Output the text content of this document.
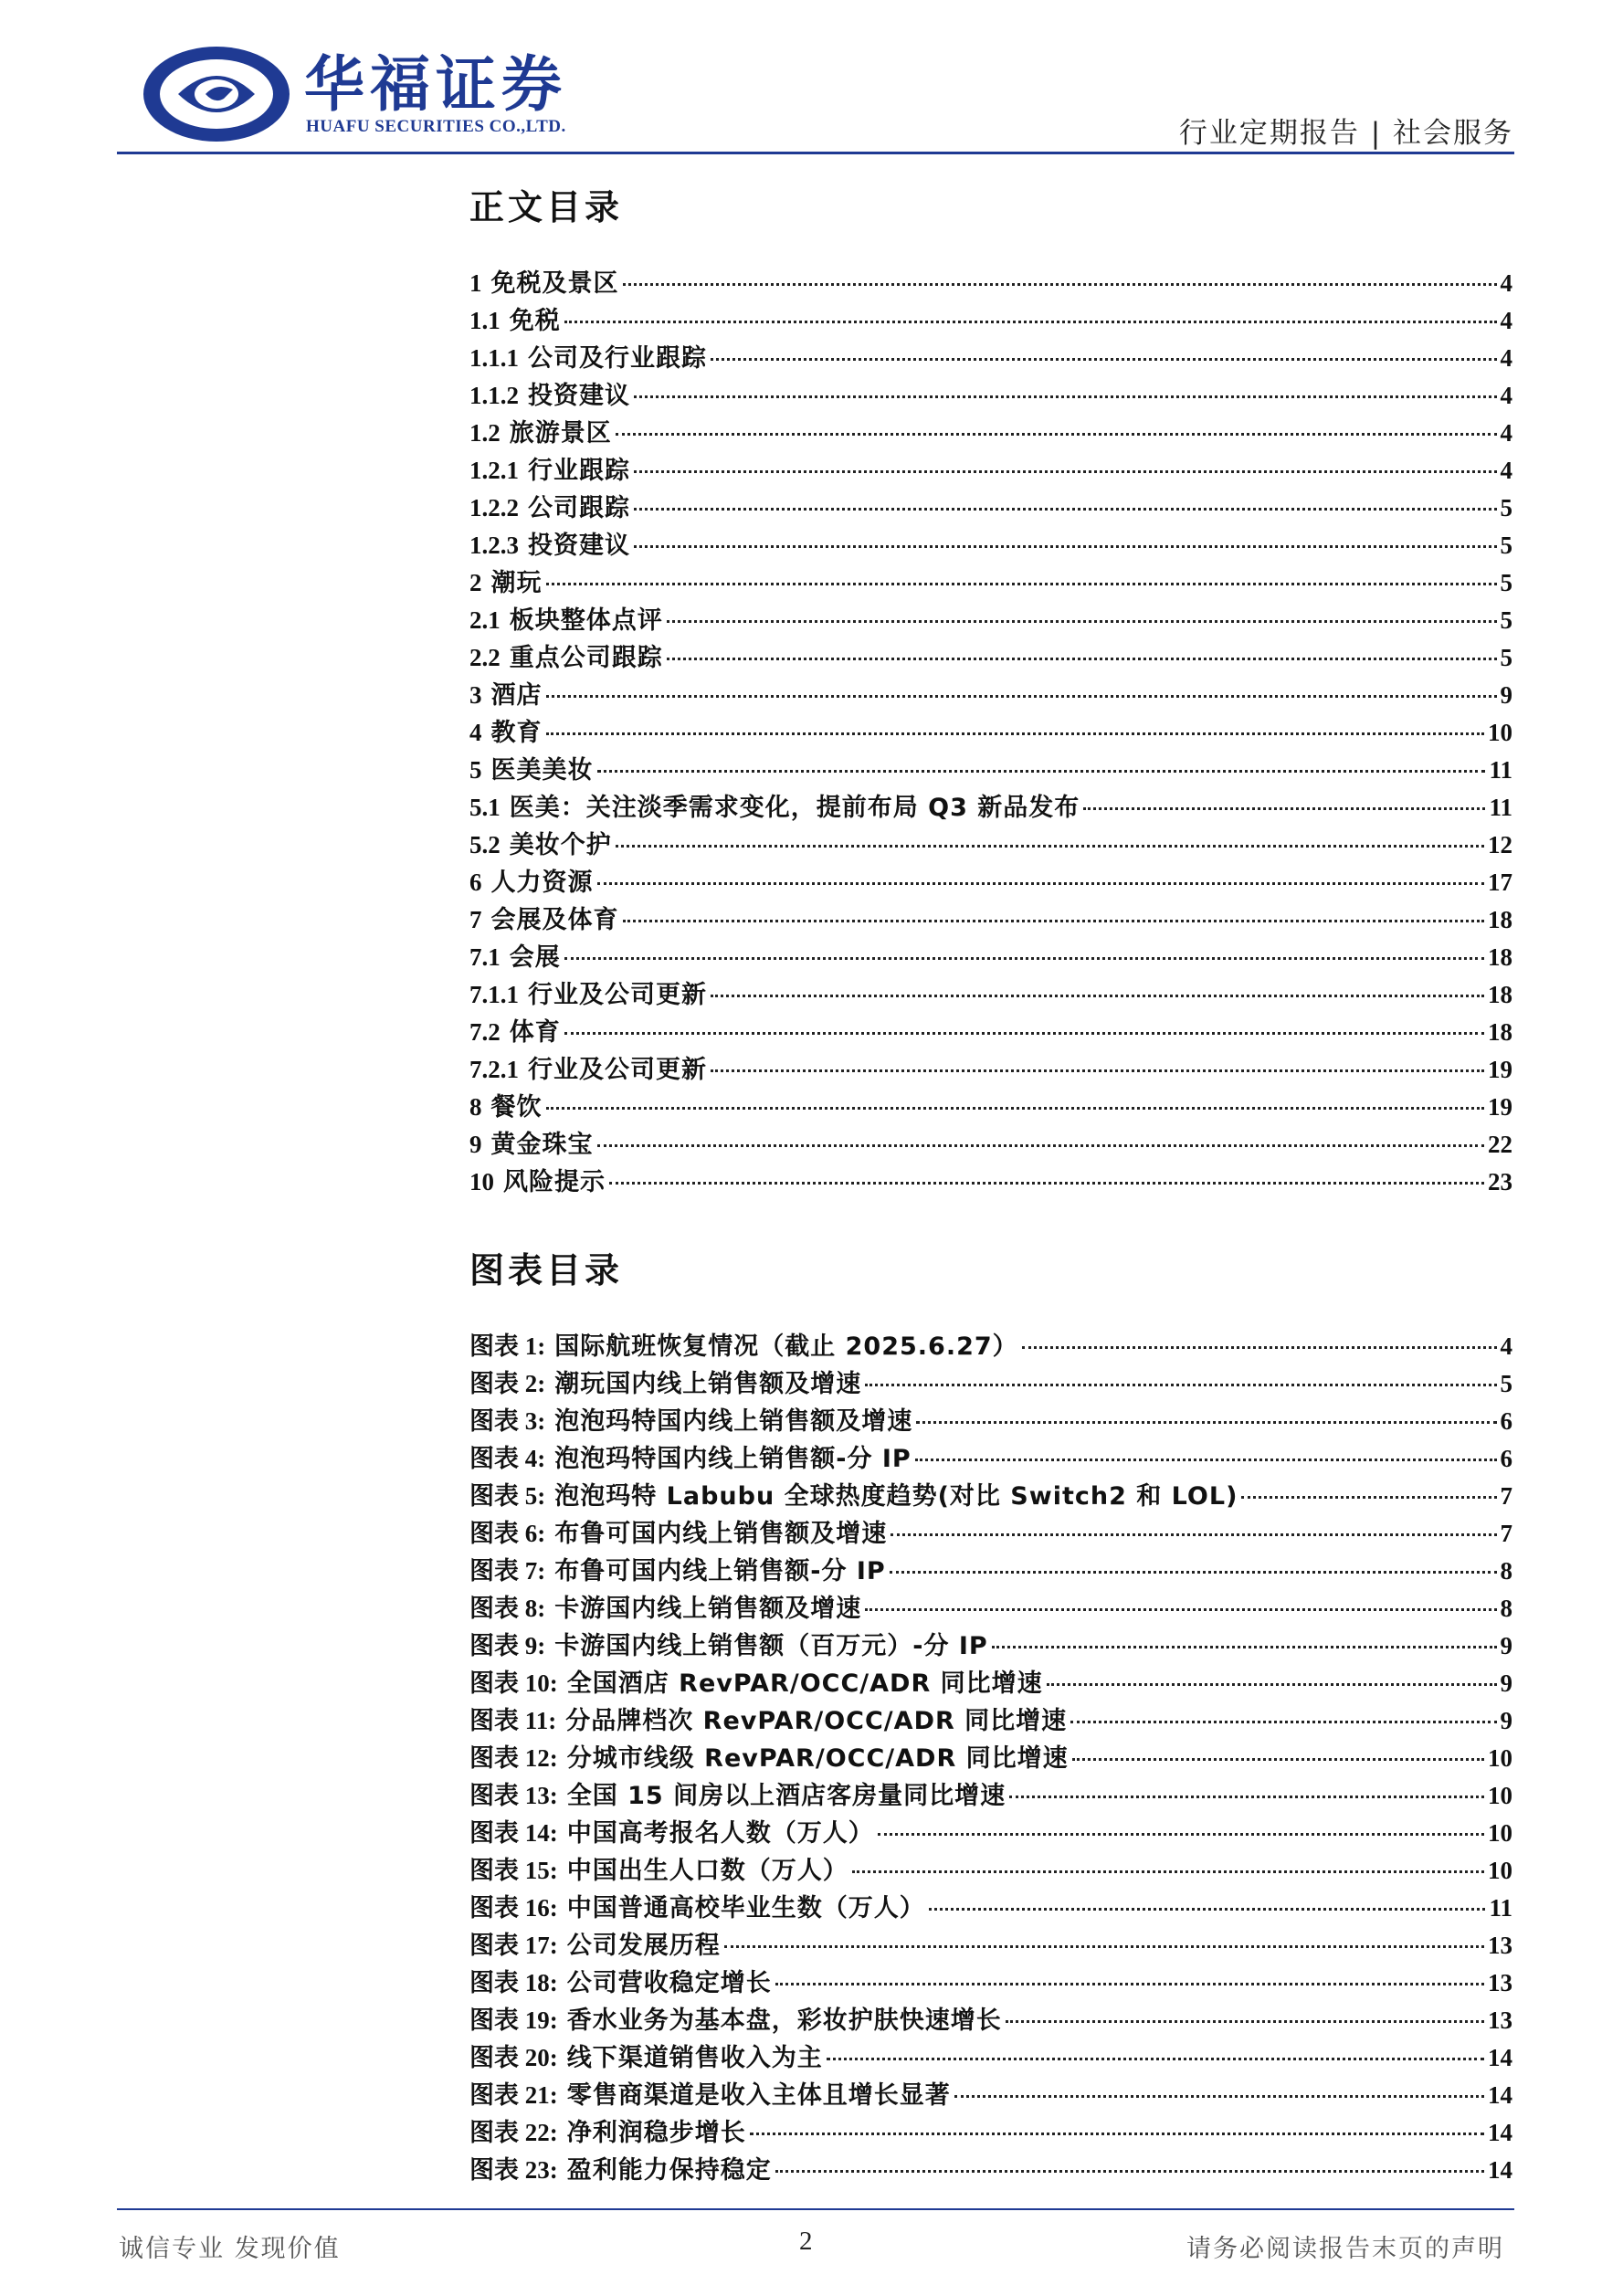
华福证券
HUAFU SECURITIES CO.,LTD.	行业定期报告 | 社会服务
正文目录
1 免税及景区	4
1.1 免税	4
1.1.1 公司及行业跟踪	4
1.1.2 投资建议	4
1.2 旅游景区	4
1.2.1 行业跟踪	4
1.2.2 公司跟踪	5
1.2.3 投资建议	5
2 潮玩	5
2.1 板块整体点评	5
2.2 重点公司跟踪	5
3 酒店	9
4 教育	10
5 医美美妆	11
5.1 医美：关注淡季需求变化，提前布局 Q3 新品发布	11
5.2 美妆个护	12
6 人力资源	17
7 会展及体育	18
7.1 会展	18
7.1.1 行业及公司更新	18
7.2 体育	18
7.2.1 行业及公司更新	19
8 餐饮	19
9 黄金珠宝	22
10 风险提示	23
图表目录
图表 1: 国际航班恢复情况（截止 2025.6.27）	4
图表 2: 潮玩国内线上销售额及增速	5
图表 3: 泡泡玛特国内线上销售额及增速	6
图表 4: 泡泡玛特国内线上销售额-分 IP	6
图表 5: 泡泡玛特 Labubu 全球热度趋势(对比 Switch2 和 LOL)	7
图表 6: 布鲁可国内线上销售额及增速	7
图表 7: 布鲁可国内线上销售额-分 IP	8
图表 8: 卡游国内线上销售额及增速	8
图表 9: 卡游国内线上销售额（百万元）-分 IP	9
图表 10: 全国酒店 RevPAR/OCC/ADR 同比增速	9
图表 11: 分品牌档次 RevPAR/OCC/ADR 同比增速	9
图表 12: 分城市线级 RevPAR/OCC/ADR 同比增速	10
图表 13: 全国 15 间房以上酒店客房量同比增速	10
图表 14: 中国高考报名人数（万人）	10
图表 15: 中国出生人口数（万人）	10
图表 16: 中国普通高校毕业生数（万人）	11
图表 17: 公司发展历程	13
图表 18: 公司营收稳定增长	13
图表 19: 香水业务为基本盘，彩妆护肤快速增长	13
图表 20: 线下渠道销售收入为主	14
图表 21: 零售商渠道是收入主体且增长显著	14
图表 22: 净利润稳步增长	14
图表 23: 盈利能力保持稳定	14
诚信专业 发现价值	2	请务必阅读报告末页的声明
